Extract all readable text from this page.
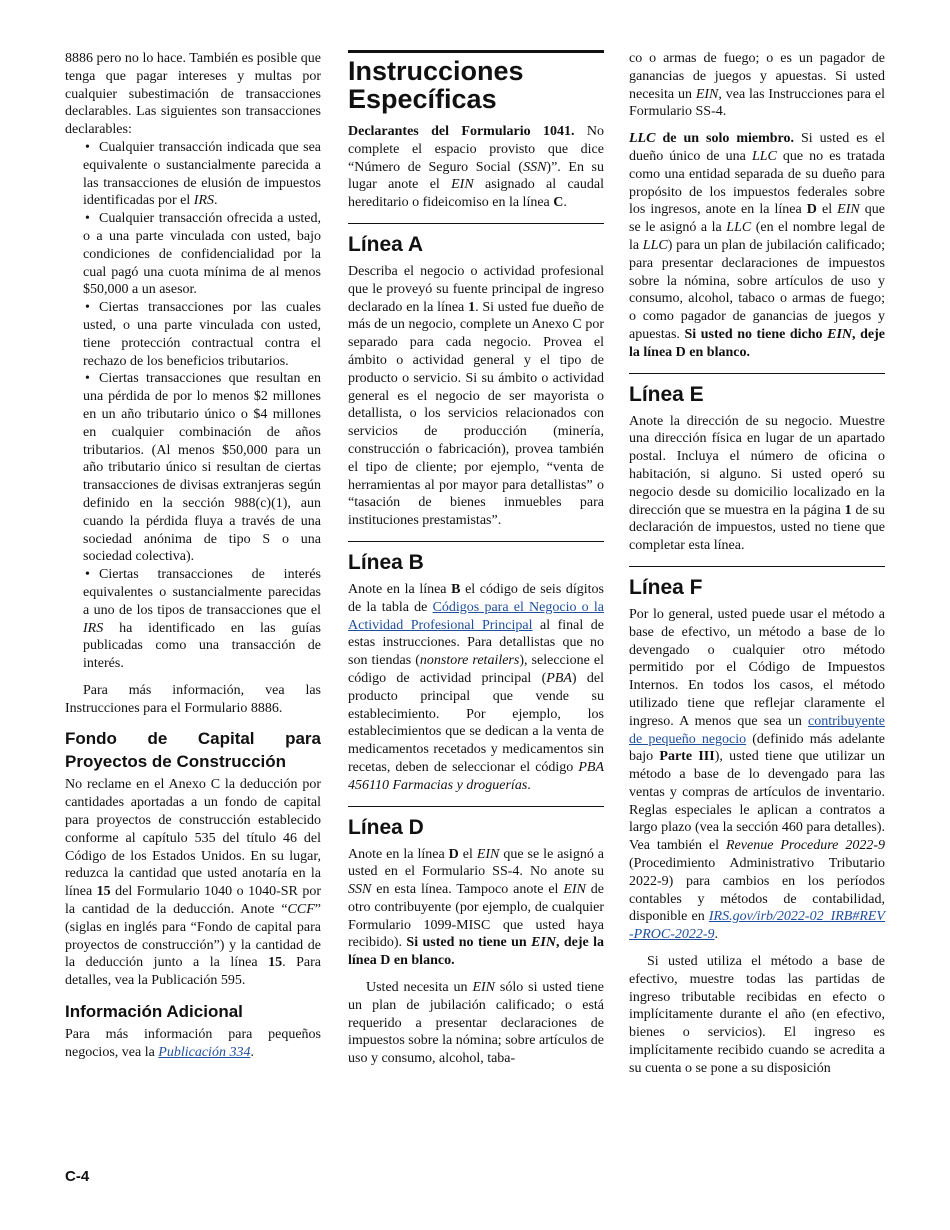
8886 pero no lo hace. También es posible que tenga que pagar intereses y multas por cualquier subestimación de transacciones declarables. Las siguientes son transacciones declarables:

• Cualquier transacción indicada que sea equivalente o sustancialmente parecida a las transacciones de elusión de impuestos identificadas por el IRS.

• Cualquier transacción ofrecida a usted, o a una parte vinculada con usted, bajo condiciones de confidencialidad por la cual pagó una cuota mínima de al menos $50,000 a un asesor.

• Ciertas transacciones por las cuales usted, o una parte vinculada con usted, tiene protección contractual contra el rechazo de los beneficios tributarios.

• Ciertas transacciones que resultan en una pérdida de por lo menos $2 millones en un año tributario único o $4 millones en cualquier combinación de años tributarios. (Al menos $50,000 para un año tributario único si resultan de ciertas transacciones de divisas extranjeras según definido en la sección 988(c)(1), aun cuando la pérdida fluya a través de una sociedad anónima de tipo S o una sociedad colectiva).

• Ciertas transacciones de interés equivalentes o sustancialmente parecidas a uno de los tipos de transacciones que el IRS ha identificado en las guías publicadas como una transacción de interés.

Para más información, vea las Instrucciones para el Formulario 8886.

Fondo de Capital para Proyectos de Construcción

No reclame en el Anexo C la deducción por cantidades aportadas a un fondo de capital para proyectos de construcción establecido conforme al capítulo 535 del título 46 del Código de los Estados Unidos. En su lugar, reduzca la cantidad que usted anotaría en la línea 15 del Formulario 1040 o 1040-SR por la cantidad de la deducción. Anote “CCF” (siglas en inglés para “Fondo de capital para proyectos de construcción”) y la cantidad de la deducción junto a la línea 15. Para detalles, vea la Publicación 595.

Información Adicional

Para más información para pequeños negocios, vea la Publicación 334.

Instrucciones Específicas

Declarantes del Formulario 1041. No complete el espacio provisto que dice “Número de Seguro Social (SSN)”. En su lugar anote el EIN asignado al caudal hereditario o fideicomiso en la línea C.

Línea A

Describa el negocio o actividad profesional que le proveyó su fuente principal de ingreso declarado en la línea 1. Si usted fue dueño de más de un negocio, complete un Anexo C por separado para cada negocio. Provea el ámbito o actividad general y el tipo de producto o servicio. Si su ámbito o actividad general es el negocio de ser mayorista o detallista, o los servicios relacionados con servicios de producción (minería, construcción o fabricación), provea también el tipo de cliente; por ejemplo, “venta de herramientas al por mayor para detallistas” o “tasación de bienes inmuebles para instituciones prestamistas”.

Línea B

Anote en la línea B el código de seis dígitos de la tabla de Códigos para el Negocio o la Actividad Profesional Principal al final de estas instrucciones. Para detallistas que no son tiendas (nonstore retailers), seleccione el código de actividad principal (PBA) del producto principal que vende su establecimiento. Por ejemplo, los establecimientos que se dedican a la venta de medicamentos recetados y medicamentos sin recetas, deben de seleccionar el código PBA 456110 Farmacias y droguerías.

Línea D

Anote en la línea D el EIN que se le asignó a usted en el Formulario SS-4. No anote su SSN en esta línea. Tampoco anote el EIN de otro contribuyente (por ejemplo, de cualquier Formulario 1099-MISC que usted haya recibido). Si usted no tiene un EIN, deje la línea D en blanco.

Usted necesita un EIN sólo si usted tiene un plan de jubilación calificado; o está requerido a presentar declaraciones de impuestos sobre la nómina; sobre artículos de uso y consumo, alcohol, taba-

co o armas de fuego; o es un pagador de ganancias de juegos y apuestas. Si usted necesita un EIN, vea las Instrucciones para el Formulario SS-4.

LLC de un solo miembro. Si usted es el dueño único de una LLC que no es tratada como una entidad separada de su dueño para propósito de los impuestos federales sobre los ingresos, anote en la línea D el EIN que se le asignó a la LLC (en el nombre legal de la LLC) para un plan de jubilación calificado; para presentar declaraciones de impuestos sobre la nómina, sobre artículos de uso y consumo, alcohol, tabaco o armas de fuego; o como pagador de ganancias de juegos y apuestas. Si usted no tiene dicho EIN, deje la línea D en blanco.

Línea E

Anote la dirección de su negocio. Muestre una dirección física en lugar de un apartado postal. Incluya el número de oficina o habitación, si alguno. Si usted operó su negocio desde su domicilio localizado en la dirección que se muestra en la página 1 de su declaración de impuestos, usted no tiene que completar esta línea.

Línea F

Por lo general, usted puede usar el método a base de efectivo, un método a base de lo devengado o cualquier otro método permitido por el Código de Impuestos Internos. En todos los casos, el método utilizado tiene que reflejar claramente el ingreso. A menos que sea un contribuyente de pequeño negocio (definido más adelante bajo Parte III), usted tiene que utilizar un método a base de lo devengado para las ventas y compras de artículos de inventario. Reglas especiales le aplican a contratos a largo plazo (vea la sección 460 para detalles). Vea también el Revenue Procedure 2022-9 (Procedimiento Administrativo Tributario 2022-9) para cambios en los períodos contables y métodos de contabilidad, disponible en IRS.gov/irb/2022-02_IRB#REV-PROC-2022-9.

Si usted utiliza el método a base de efectivo, muestre todas las partidas de ingreso tributable recibidas en efecto o implícitamente durante el año (en efectivo, bienes o servicios). El ingreso es implícitamente recibido cuando se acredita a su cuenta o se pone a su disposición

C-4
